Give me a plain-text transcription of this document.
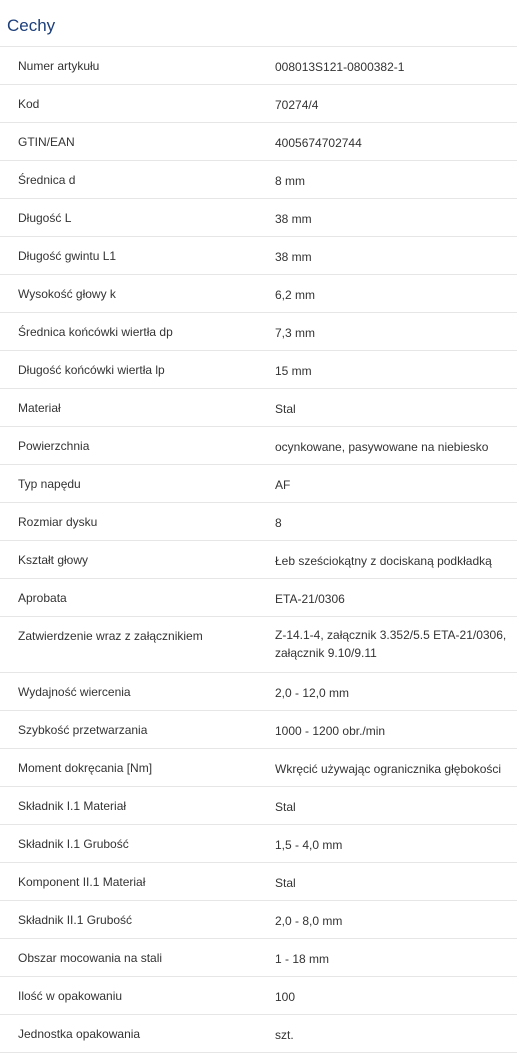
Cechy
Numer artykułu	008013S121-0800382-1
Kod	70274/4
GTIN/EAN	4005674702744
Średnica d	8 mm
Długość L	38 mm
Długość gwintu L1	38 mm
Wysokość głowy k	6,2 mm
Średnica końcówki wiertła dp	7,3 mm
Długość końcówki wiertła lp	15 mm
Materiał	Stal
Powierzchnia	ocynkowane, pasywowane na niebiesko
Typ napędu	AF
Rozmiar dysku	8
Kształt głowy	Łeb sześciokątny z dociskaną podkładką
Aprobata	ETA-21/0306
Zatwierdzenie wraz z załącznikiem	Z-14.1-4, załącznik 3.352/5.5 ETA-21/0306, załącznik 9.10/9.11
Wydajność wiercenia	2,0 - 12,0 mm
Szybkość przetwarzania	1000 - 1200 obr./min
Moment dokręcania [Nm]	Wkręcić używając ogranicznika głębokości
Składnik I.1 Materiał	Stal
Składnik I.1 Grubość	1,5 - 4,0 mm
Komponent II.1 Materiał	Stal
Składnik II.1 Grubość	2,0 - 8,0 mm
Obszar mocowania na stali	1 - 18 mm
Ilość w opakowaniu	100
Jednostka opakowania	szt.
